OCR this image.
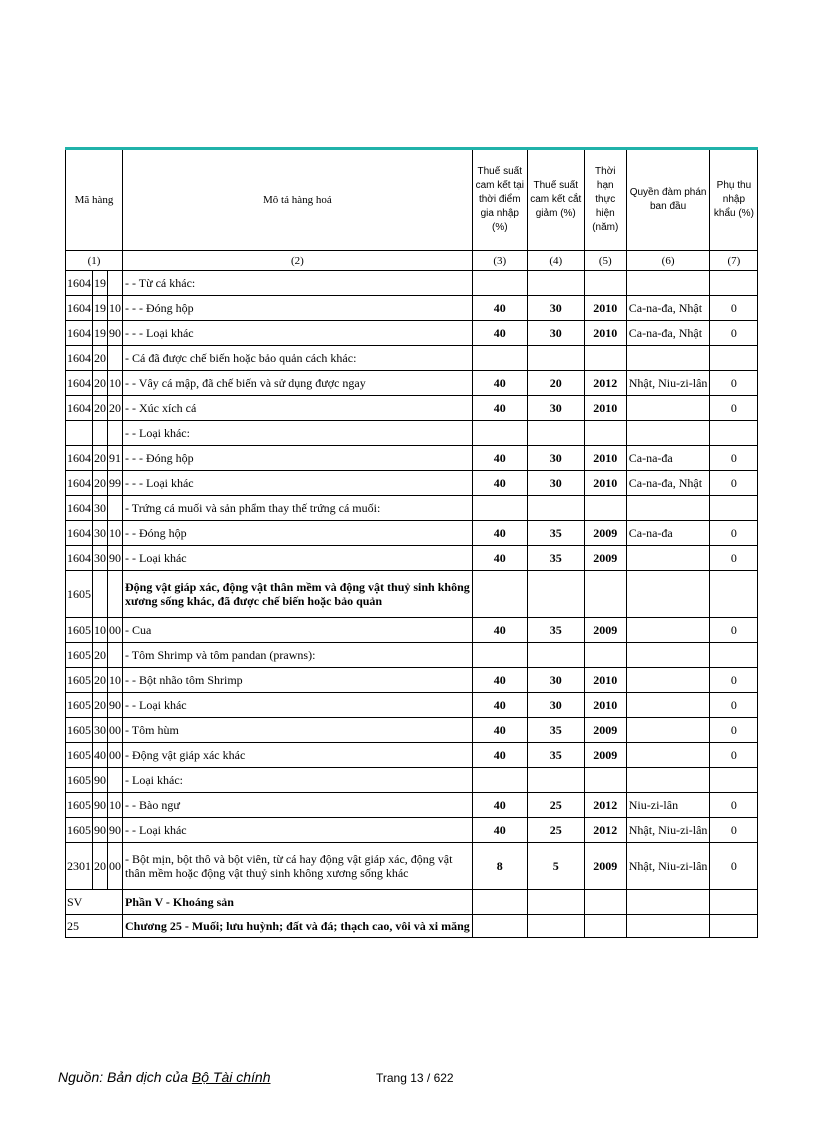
Mã hàng			Mô tả hàng hoá	Thuế suất cam kết tại thời điểm gia nhập (%)	Thuế suất cam kết cắt giảm (%)	Thời hạn thực hiện (năm)	Quyền đàm phán ban đầu	Phụ thu nhập khẩu (%)
(1)			(2)	(3)	(4)	(5)	(6)	(7)
1604	19		- - Từ cá khác:					
1604	19	10	- - - Đóng hộp	40	30	2010	Ca-na-đa, Nhật	0
1604	19	90	- - - Loại khác	40	30	2010	Ca-na-đa, Nhật	0
1604	20		- Cá đã được chế biến hoặc bảo quản cách khác:					
1604	20	10	- - Vây cá mập, đã chế biến và sử dụng được ngay	40	20	2012	Nhật, Niu-zi-lân	0
1604	20	20	- - Xúc xích cá	40	30	2010		0
			- - Loại khác:					
1604	20	91	- - - Đóng hộp	40	30	2010	Ca-na-đa	0
1604	20	99	- - - Loại khác	40	30	2010	Ca-na-đa, Nhật	0
1604	30		- Trứng cá muối và sản phẩm thay thế trứng cá muối:					
1604	30	10	- - Đóng hộp	40	35	2009	Ca-na-đa	0
1604	30	90	- - Loại khác	40	35	2009		0
1605			Động vật giáp xác, động vật thân mềm và động vật thuỷ sinh không xương sống khác, đã được chế biến hoặc bảo quản					
1605	10	00	- Cua	40	35	2009		0
1605	20		- Tôm Shrimp và tôm pandan (prawns):					
1605	20	10	- - Bột nhão tôm Shrimp	40	30	2010		0
1605	20	90	- - Loại khác	40	30	2010		0
1605	30	00	- Tôm hùm	40	35	2009		0
1605	40	00	- Động vật giáp xác khác	40	35	2009		0
1605	90		- Loại khác:					
1605	90	10	- - Bào ngư	40	25	2012	Niu-zi-lân	0
1605	90	90	- - Loại khác	40	25	2012	Nhật, Niu-zi-lân	0
2301	20	00	- Bột mịn, bột thô và bột viên, từ cá hay động vật giáp xác, động vật thân mềm hoặc động vật thuỷ sinh không xương sống khác	8	5	2009	Nhật, Niu-zi-lân	0
SV			Phần V - Khoáng sản					
25			Chương 25 - Muối; lưu huỳnh; đất và đá; thạch cao, vôi và xi măng					
Nguồn: Bản dịch của Bộ Tài chính	Trang 13 / 622
